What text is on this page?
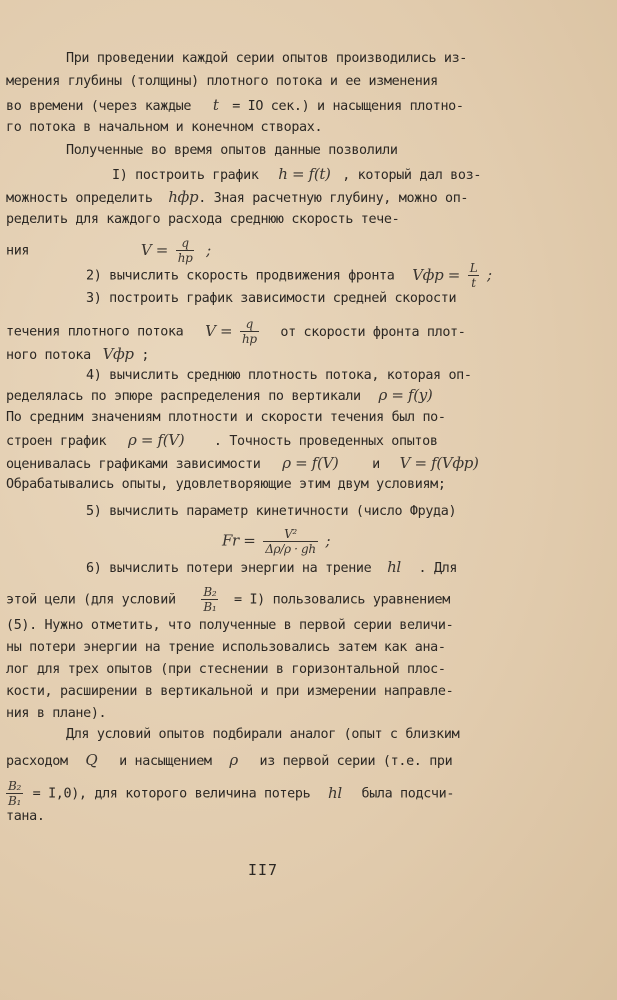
При проведении каждой серии опытов производились из-
мерения глубины (толщины) плотного потока и ее изменения
во времени (через каждые t = IO сек.) и насыщения плотно-
го потока в начальном и конечном створах.
Полученные во время опытов данные позволили
I) построить график h = f(t) , который дал воз-
можность определить hфр. Зная расчетную глубину, можно оп-
ределить для каждого расхода среднюю скорость тече-
ния	$V = \frac{q}{hр}$ ;
2) вычислить скорость продвижения фронта Vфр = $\frac{L}{t}$ ;
3) построить график зависимости средней скорости
течения плотного потока $V = \frac{q}{hр}$ от скорости фронта плот-
ного потока Vфр ;
4) вычислить среднюю плотность потока, которая оп-
ределялась по эпюре распределения по вертикали ρ = f(y)
По средним значениям плотности и скорости течения был по-
строен график ρ = f(V) . Точность проведенных опытов
оценивалась графиками зависимости ρ = f(V)	и V = f(Vфр)
Обрабатывались опыты, удовлетворяющие этим двум условиям;
5) вычислить параметр кинетичности (число Фруда)
$Fr = \frac{\text{V²}}{\Delta\rho/\rho \cdot gh}$ ;
6) вычислить потери энергии на трение hl . Для
этой цели (для условий $\frac{\text{B₂}}{\text{B₁}} = I$) пользовались уравнением
(5). Нужно отметить, что полученные в первой серии величи-
ны потери энергии на трение использовались затем как ана-
лог для трех опытов (при стеснении в горизонтальной плос-
кости, расширении в вертикальной и при измерении направле-
ния в плане).
Для условий опытов подбирали аналог (опыт с близким
расходом Q и насыщением ρ из первой серии (т.е. при
$\frac{\text{B₂}}{\text{B₁}} = I,0$), для которого величина потерь hl была подсчи-
тана.
II7
